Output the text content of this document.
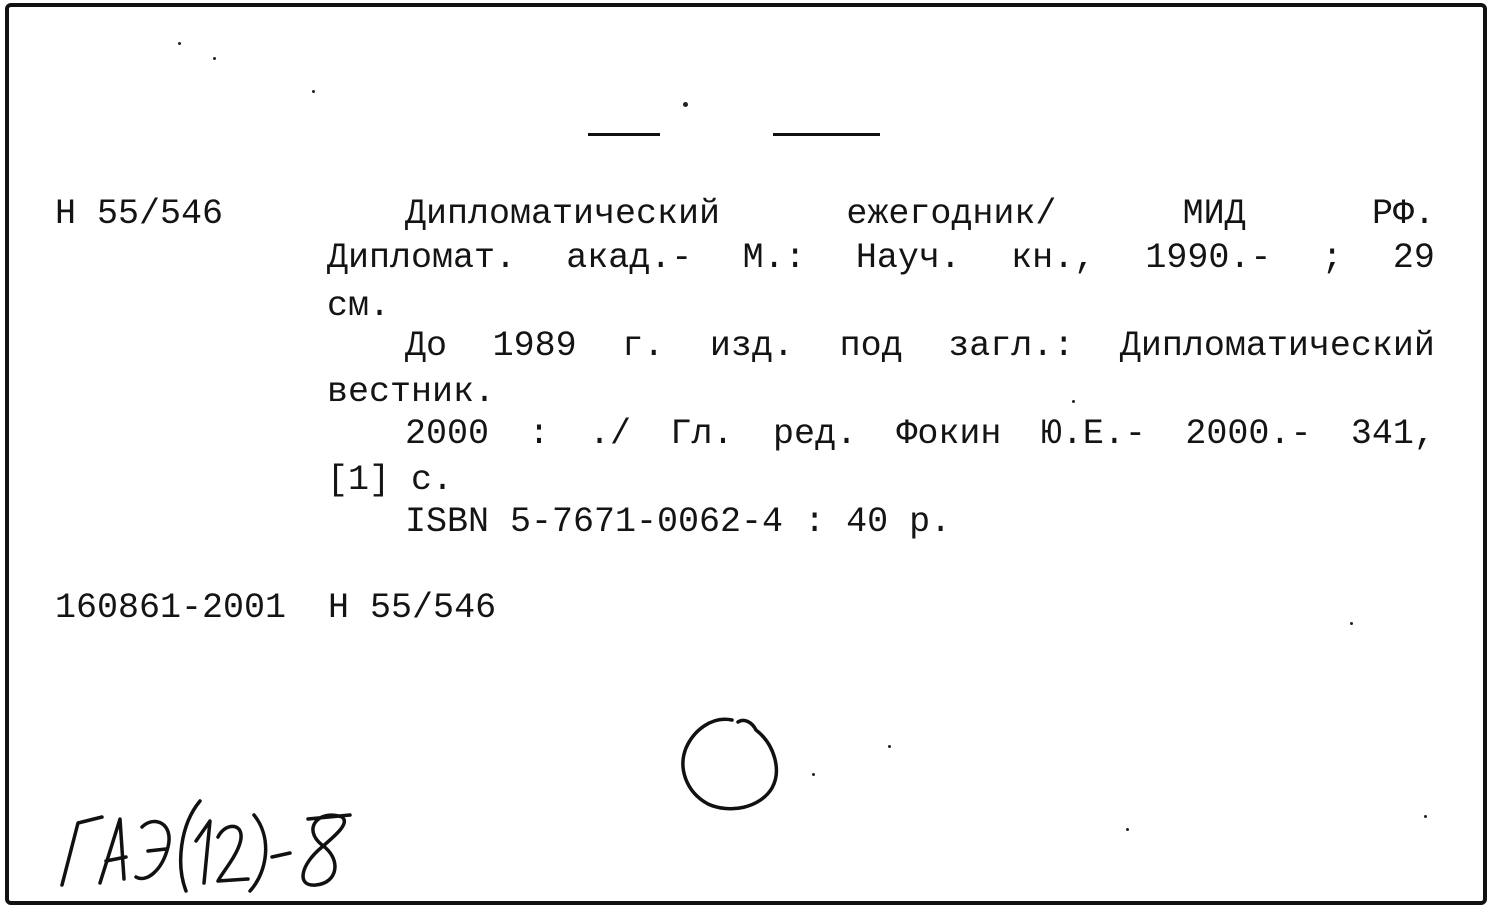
Н 55/546	Дипломатический	ежегодник/	МИД	РФ.
Дипломат. акад.- М.: Науч. кн., 1990.- ; 29
см.
До 1989 г. изд. под загл.: Дипломатический
вестник.
2000 : ./ Гл. ред. Фокин Ю.Е.- 2000.- 341,
[1] с.
ISBN 5-7671-0062-4 : 40 р.
160861-2001  Н 55/546
